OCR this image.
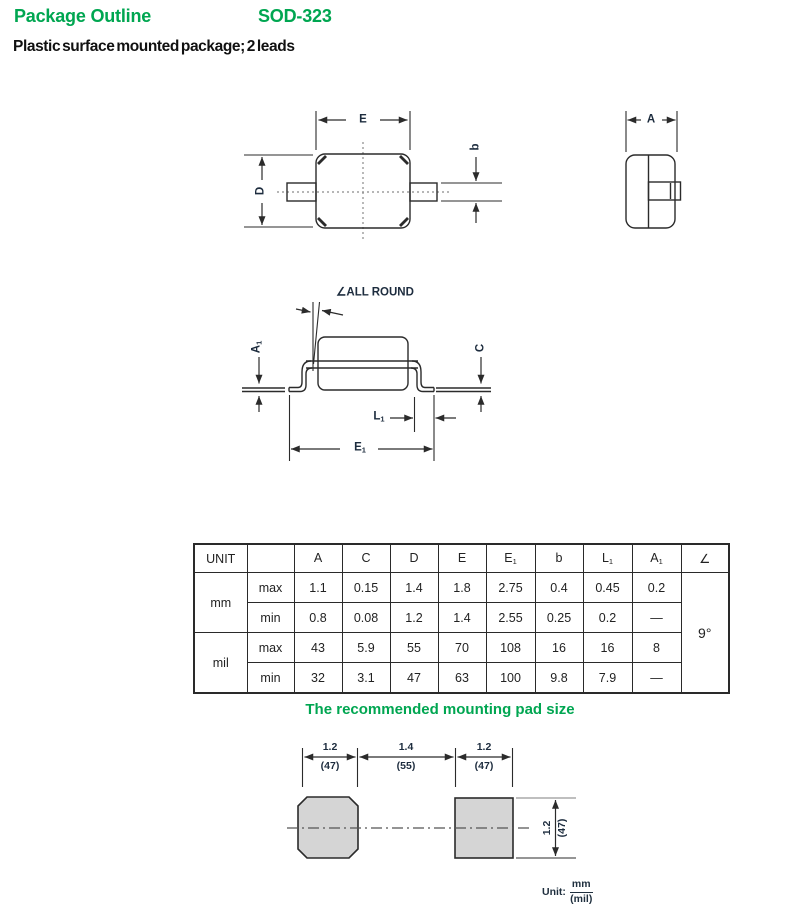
Package Outline	SOD-323
Plastic surface mounted package; 2 leads
E
D
b
A
∠ALL ROUND
$A_1$
C
$L_1$
$E_1$
UNIT		A	C	D	E	$E_1$	b	$L_1$	$A_1$	∠
mm	max	1.1	0.15	1.4	1.8	2.75	0.4	0.45	0.2	9°
	min	0.8	0.08	1.2	1.4	2.55	0.25	0.2	—	
mil	max	43	5.9	55	70	108	16	16	8	
	min	32	3.1	47	63	100	9.8	7.9	—	
The recommended mounting pad size
1.2
(47)
1.4
(55)
1.2
(47)
1.2 (47)
Unit: $\frac{mm}{\text{(mil)}}$
